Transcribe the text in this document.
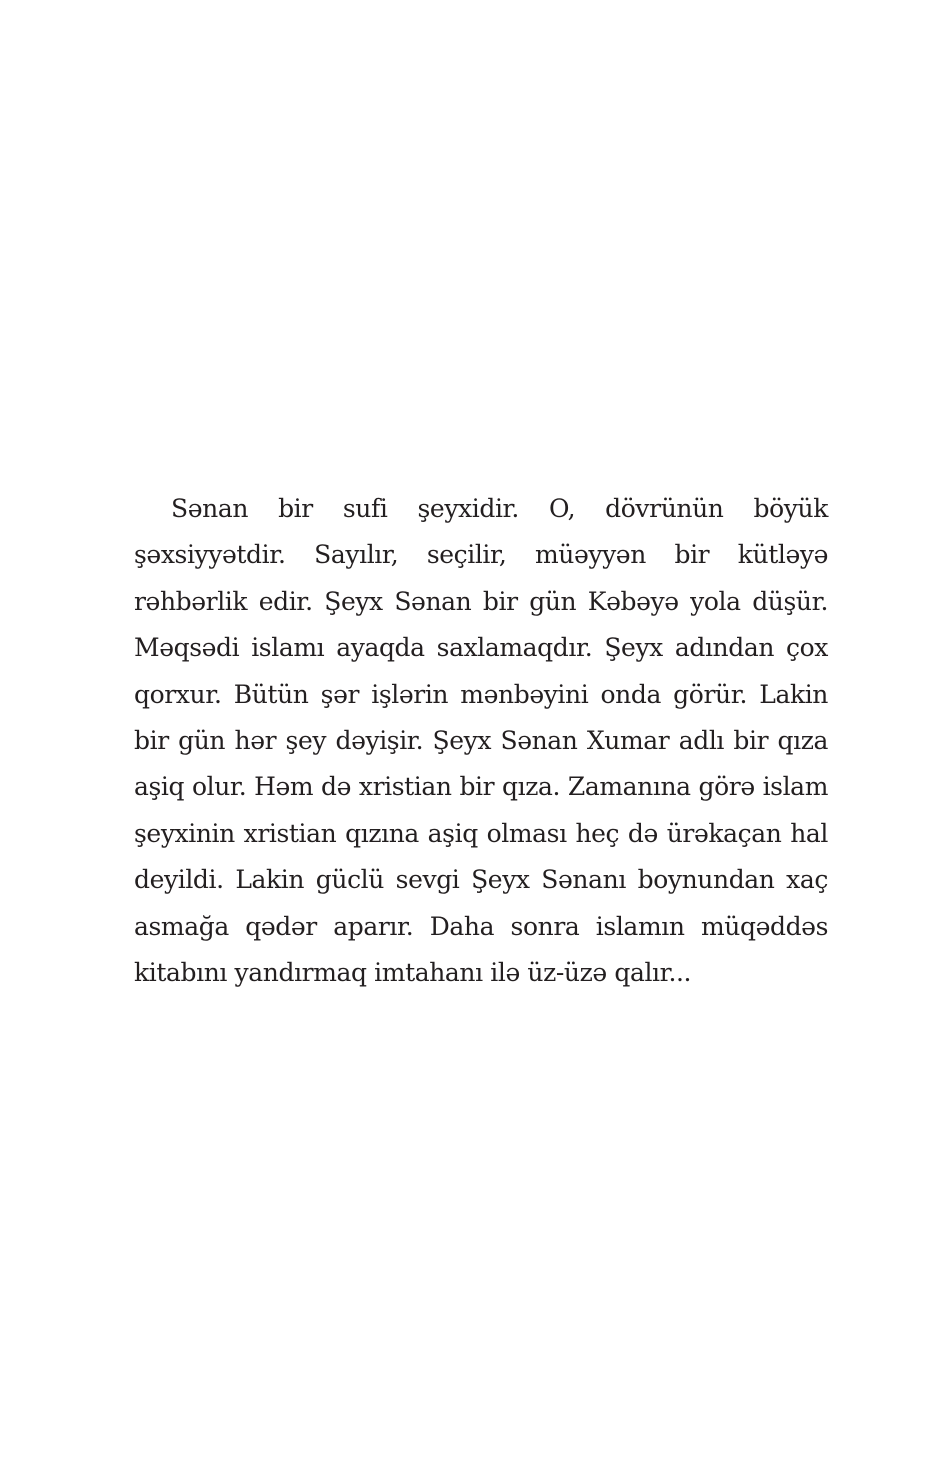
Sənan bir sufi şeyxidir. O, dövrünün böyük şəxsiyyətdir. Sayılır, seçilir, müəyyən bir kütləyə rəhbərlik edir. Şeyx Sənan bir gün Kəbəyə yola düşür. Məqsədi islamı ayaqda saxlamaqdır. Şeyx adından çox qorxur. Bütün şər işlərin mənbəyini onda görür. Lakin bir gün hər şey dəyişir. Şeyx Sənan Xumar adlı bir qıza aşiq olur. Həm də xristian bir qıza. Zamanına görə islam şeyxinin xristian qızına aşiq olması heç də ürəkaçan hal deyildi. Lakin güclü sevgi Şeyx Sənanı boynundan xaç asmağa qədər aparır. Daha sonra islamın müqəddəs kitabını yandırmaq imtahanı ilə üz-üzə qalır...
